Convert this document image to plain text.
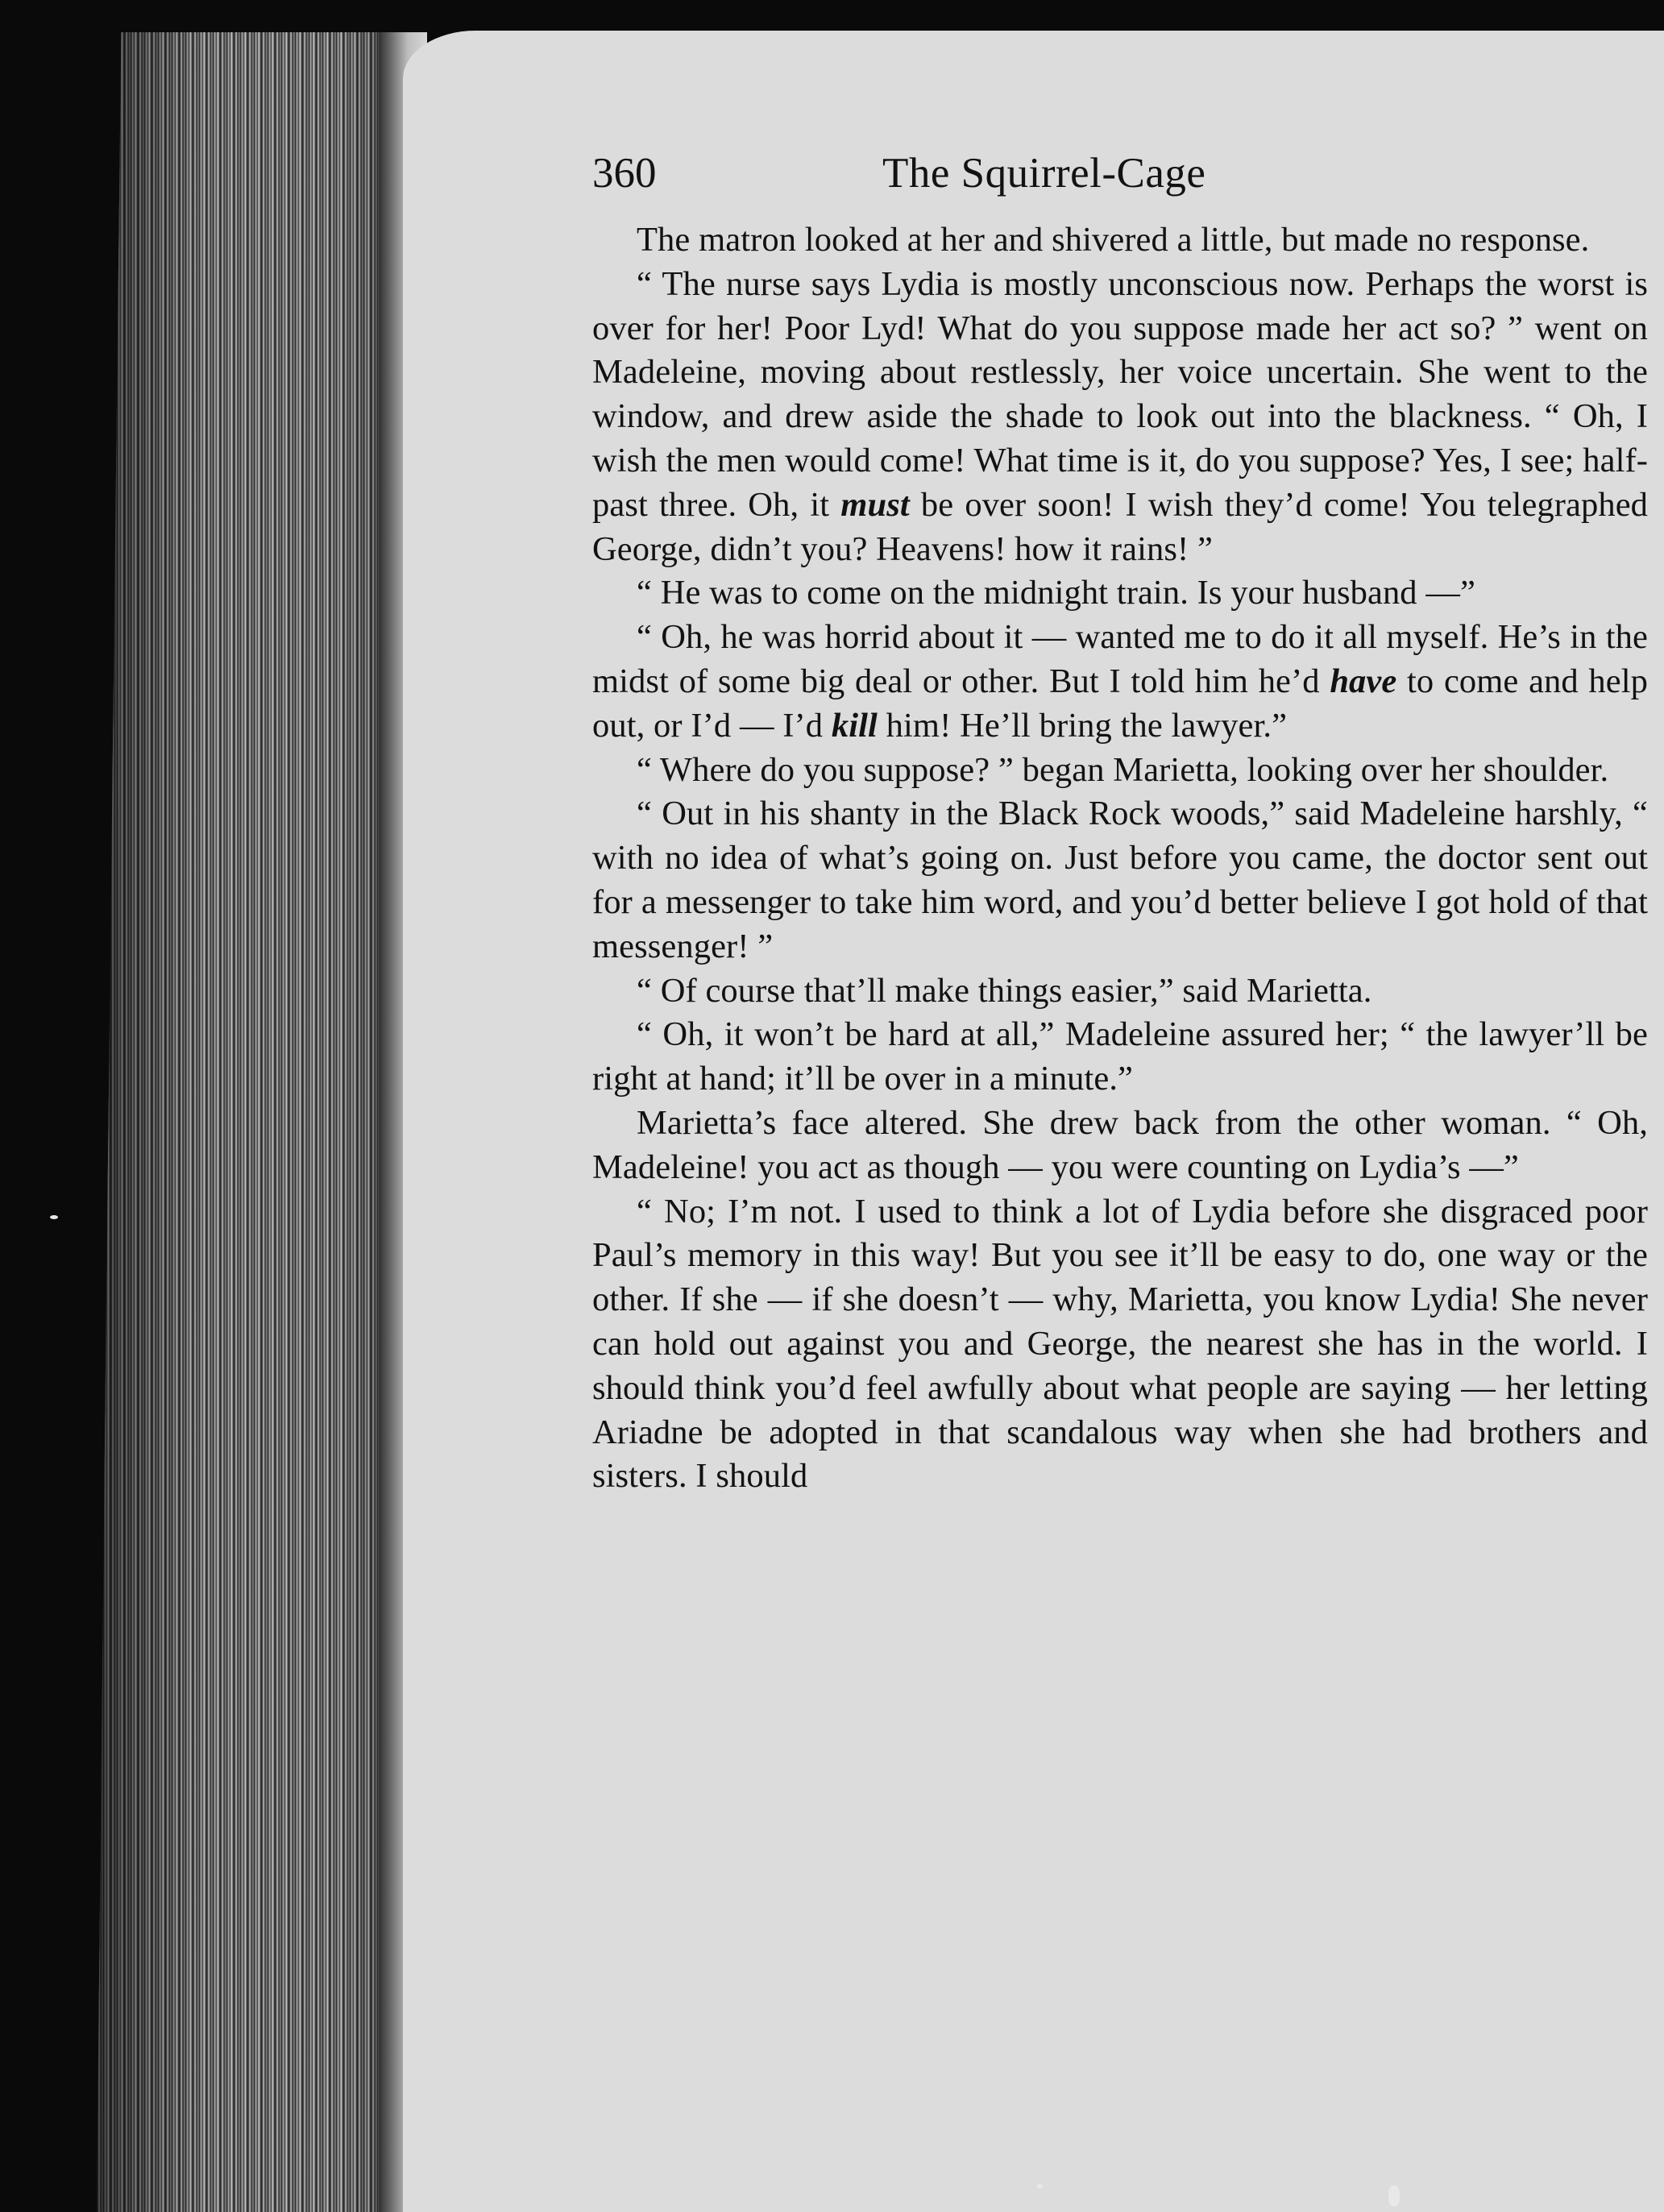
360	The Squirrel-Cage

The matron looked at her and shivered a little, but made no response.

“ The nurse says Lydia is mostly unconscious now. Perhaps the worst is over for her! Poor Lyd! What do you suppose made her act so? ” went on Madeleine, moving about restlessly, her voice uncertain. She went to the window, and drew aside the shade to look out into the blackness. “ Oh, I wish the men would come! What time is it, do you suppose? Yes, I see; half-past three. Oh, it must be over soon! I wish they’d come! You telegraphed George, didn’t you? Heavens! how it rains! ”

“ He was to come on the midnight train. Is your husband —”

“ Oh, he was horrid about it — wanted me to do it all myself. He’s in the midst of some big deal or other. But I told him he’d have to come and help out, or I’d — I’d kill him! He’ll bring the lawyer.”

“ Where do you suppose? ” began Marietta, looking over her shoulder.

“ Out in his shanty in the Black Rock woods,” said Madeleine harshly, “ with no idea of what’s going on. Just before you came, the doctor sent out for a messenger to take him word, and you’d better believe I got hold of that messenger! ”

“ Of course that’ll make things easier,” said Marietta.

“ Oh, it won’t be hard at all,” Madeleine assured her; “ the lawyer’ll be right at hand; it’ll be over in a minute.”

Marietta’s face altered. She drew back from the other woman. “ Oh, Madeleine! you act as though — you were counting on Lydia’s —”

“ No; I’m not. I used to think a lot of Lydia before she disgraced poor Paul’s memory in this way! But you see it’ll be easy to do, one way or the other. If she — if she doesn’t — why, Marietta, you know Lydia! She never can hold out against you and George, the nearest she has in the world. I should think you’d feel awfully about what people are saying — her letting Ariadne be adopted in that scandalous way when she had brothers and sisters. I should
